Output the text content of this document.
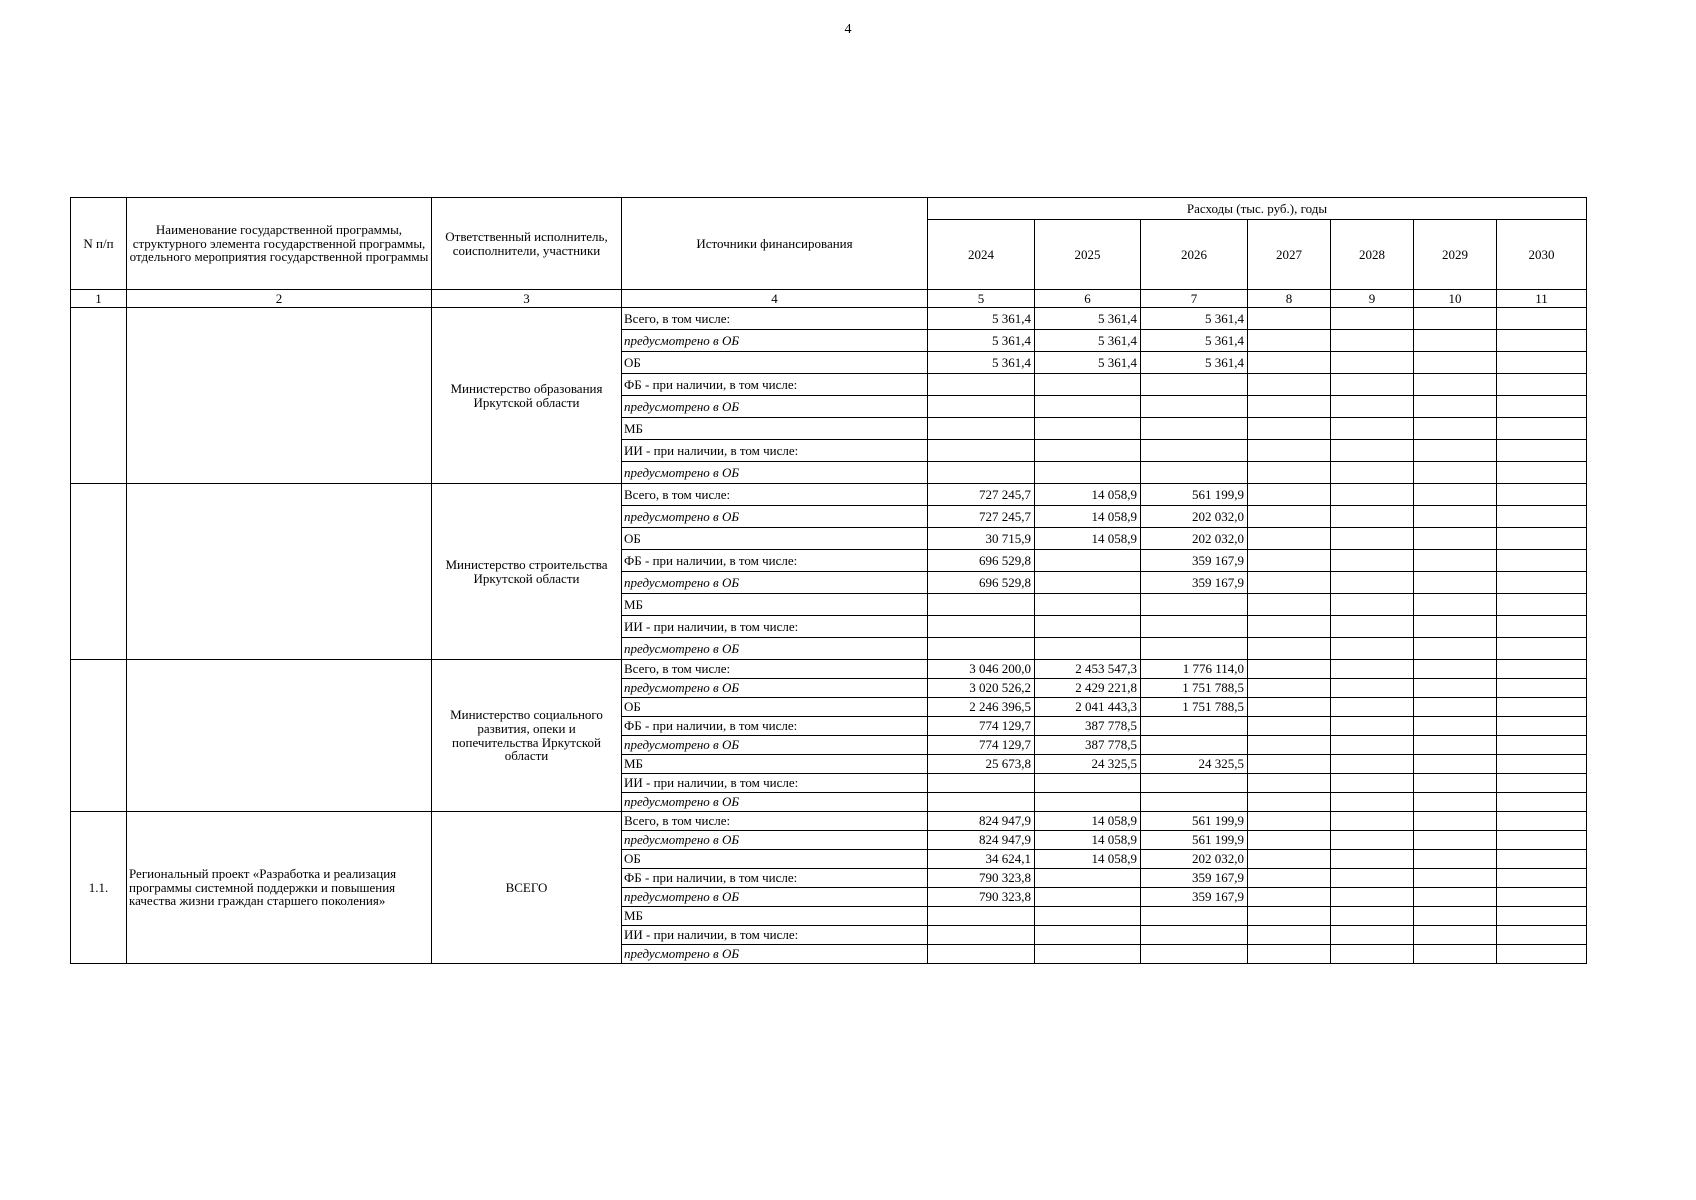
4
N п/п	Наименование государственной программы, структурного элемента государственной программы, отдельного мероприятия государственной программы	Ответственный исполнитель, соисполнители, участники	Источники финансирования	Расходы (тыс. руб.), годы						
				2024	2025	2026	2027	2028	2029	2030
1	2	3	4	5	6	7	8	9	10	11
		Министерство образования Иркутской области	Всего, в том числе:	5 361,4	5 361,4	5 361,4				
			предусмотрено в ОБ	5 361,4	5 361,4	5 361,4				
			ОБ	5 361,4	5 361,4	5 361,4				
			ФБ - при наличии, в том числе:							
			предусмотрено в ОБ							
			МБ							
			ИИ - при наличии, в том числе:							
			предусмотрено в ОБ							
		Министерство строительства Иркутской области	Всего, в том числе:	727 245,7	14 058,9	561 199,9				
			предусмотрено в ОБ	727 245,7	14 058,9	202 032,0				
			ОБ	30 715,9	14 058,9	202 032,0				
			ФБ - при наличии, в том числе:	696 529,8		359 167,9				
			предусмотрено в ОБ	696 529,8		359 167,9				
			МБ							
			ИИ - при наличии, в том числе:							
			предусмотрено в ОБ							
		Министерство социального развития, опеки и попечительства Иркутской области	Всего, в том числе:	3 046 200,0	2 453 547,3	1 776 114,0				
			предусмотрено в ОБ	3 020 526,2	2 429 221,8	1 751 788,5				
			ОБ	2 246 396,5	2 041 443,3	1 751 788,5				
			ФБ - при наличии, в том числе:	774 129,7	387 778,5					
			предусмотрено в ОБ	774 129,7	387 778,5					
			МБ	25 673,8	24 325,5	24 325,5				
			ИИ - при наличии, в том числе:							
			предусмотрено в ОБ							
1.1.	Региональный проект «Разработка и реализация программы системной поддержки и повышения качества жизни граждан старшего поколения»	ВСЕГО	Всего, в том числе:	824 947,9	14 058,9	561 199,9				
			предусмотрено в ОБ	824 947,9	14 058,9	561 199,9				
			ОБ	34 624,1	14 058,9	202 032,0				
			ФБ - при наличии, в том числе:	790 323,8		359 167,9				
			предусмотрено в ОБ	790 323,8		359 167,9				
			МБ							
			ИИ - при наличии, в том числе:							
			предусмотрено в ОБ							
